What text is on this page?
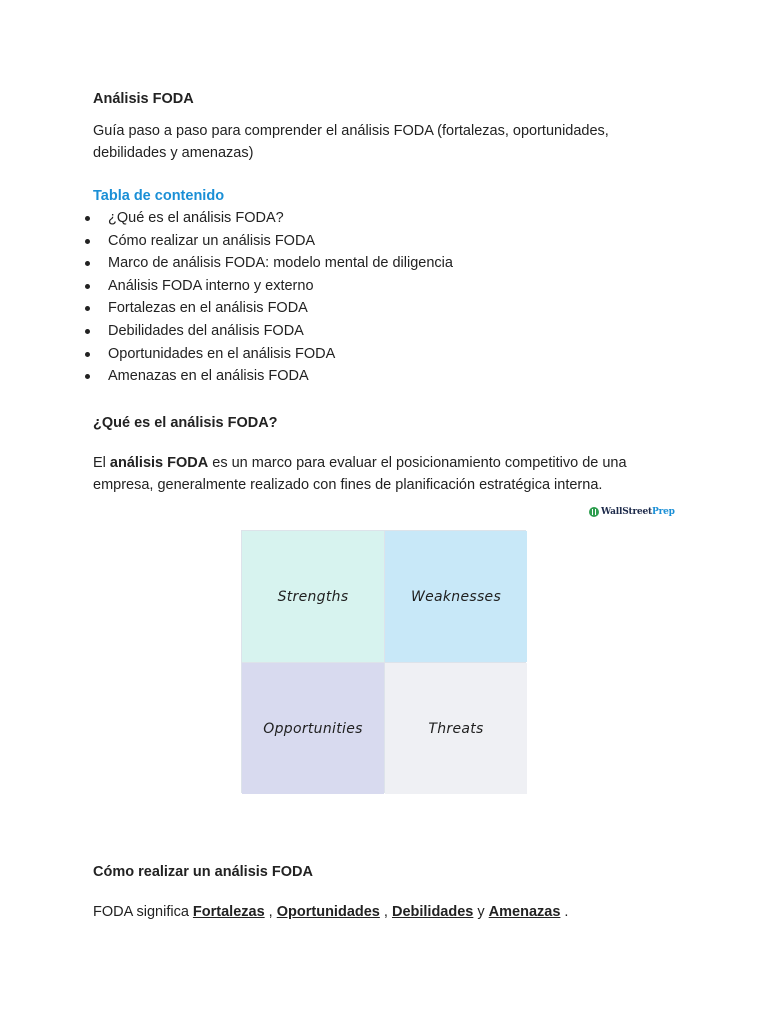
Análisis FODA

Guía paso a paso para comprender el análisis FODA (fortalezas, oportunidades, debilidades y amenazas)

Tabla de contenido
¿Qué es el análisis FODA?
Cómo realizar un análisis FODA
Marco de análisis FODA: modelo mental de diligencia
Análisis FODA interno y externo
Fortalezas en el análisis FODA
Debilidades del análisis FODA
Oportunidades en el análisis FODA
Amenazas en el análisis FODA
¿Qué es el análisis FODA?

El análisis FODA es un marco para evaluar el posicionamiento competitivo de una empresa, generalmente realizado con fines de planificación estratégica interna.

WallStreet Prep
Strengths	Weaknesses
Opportunities	Threats
Cómo realizar un análisis FODA

FODA significa Fortalezas , Oportunidades , Debilidades y Amenazas .
